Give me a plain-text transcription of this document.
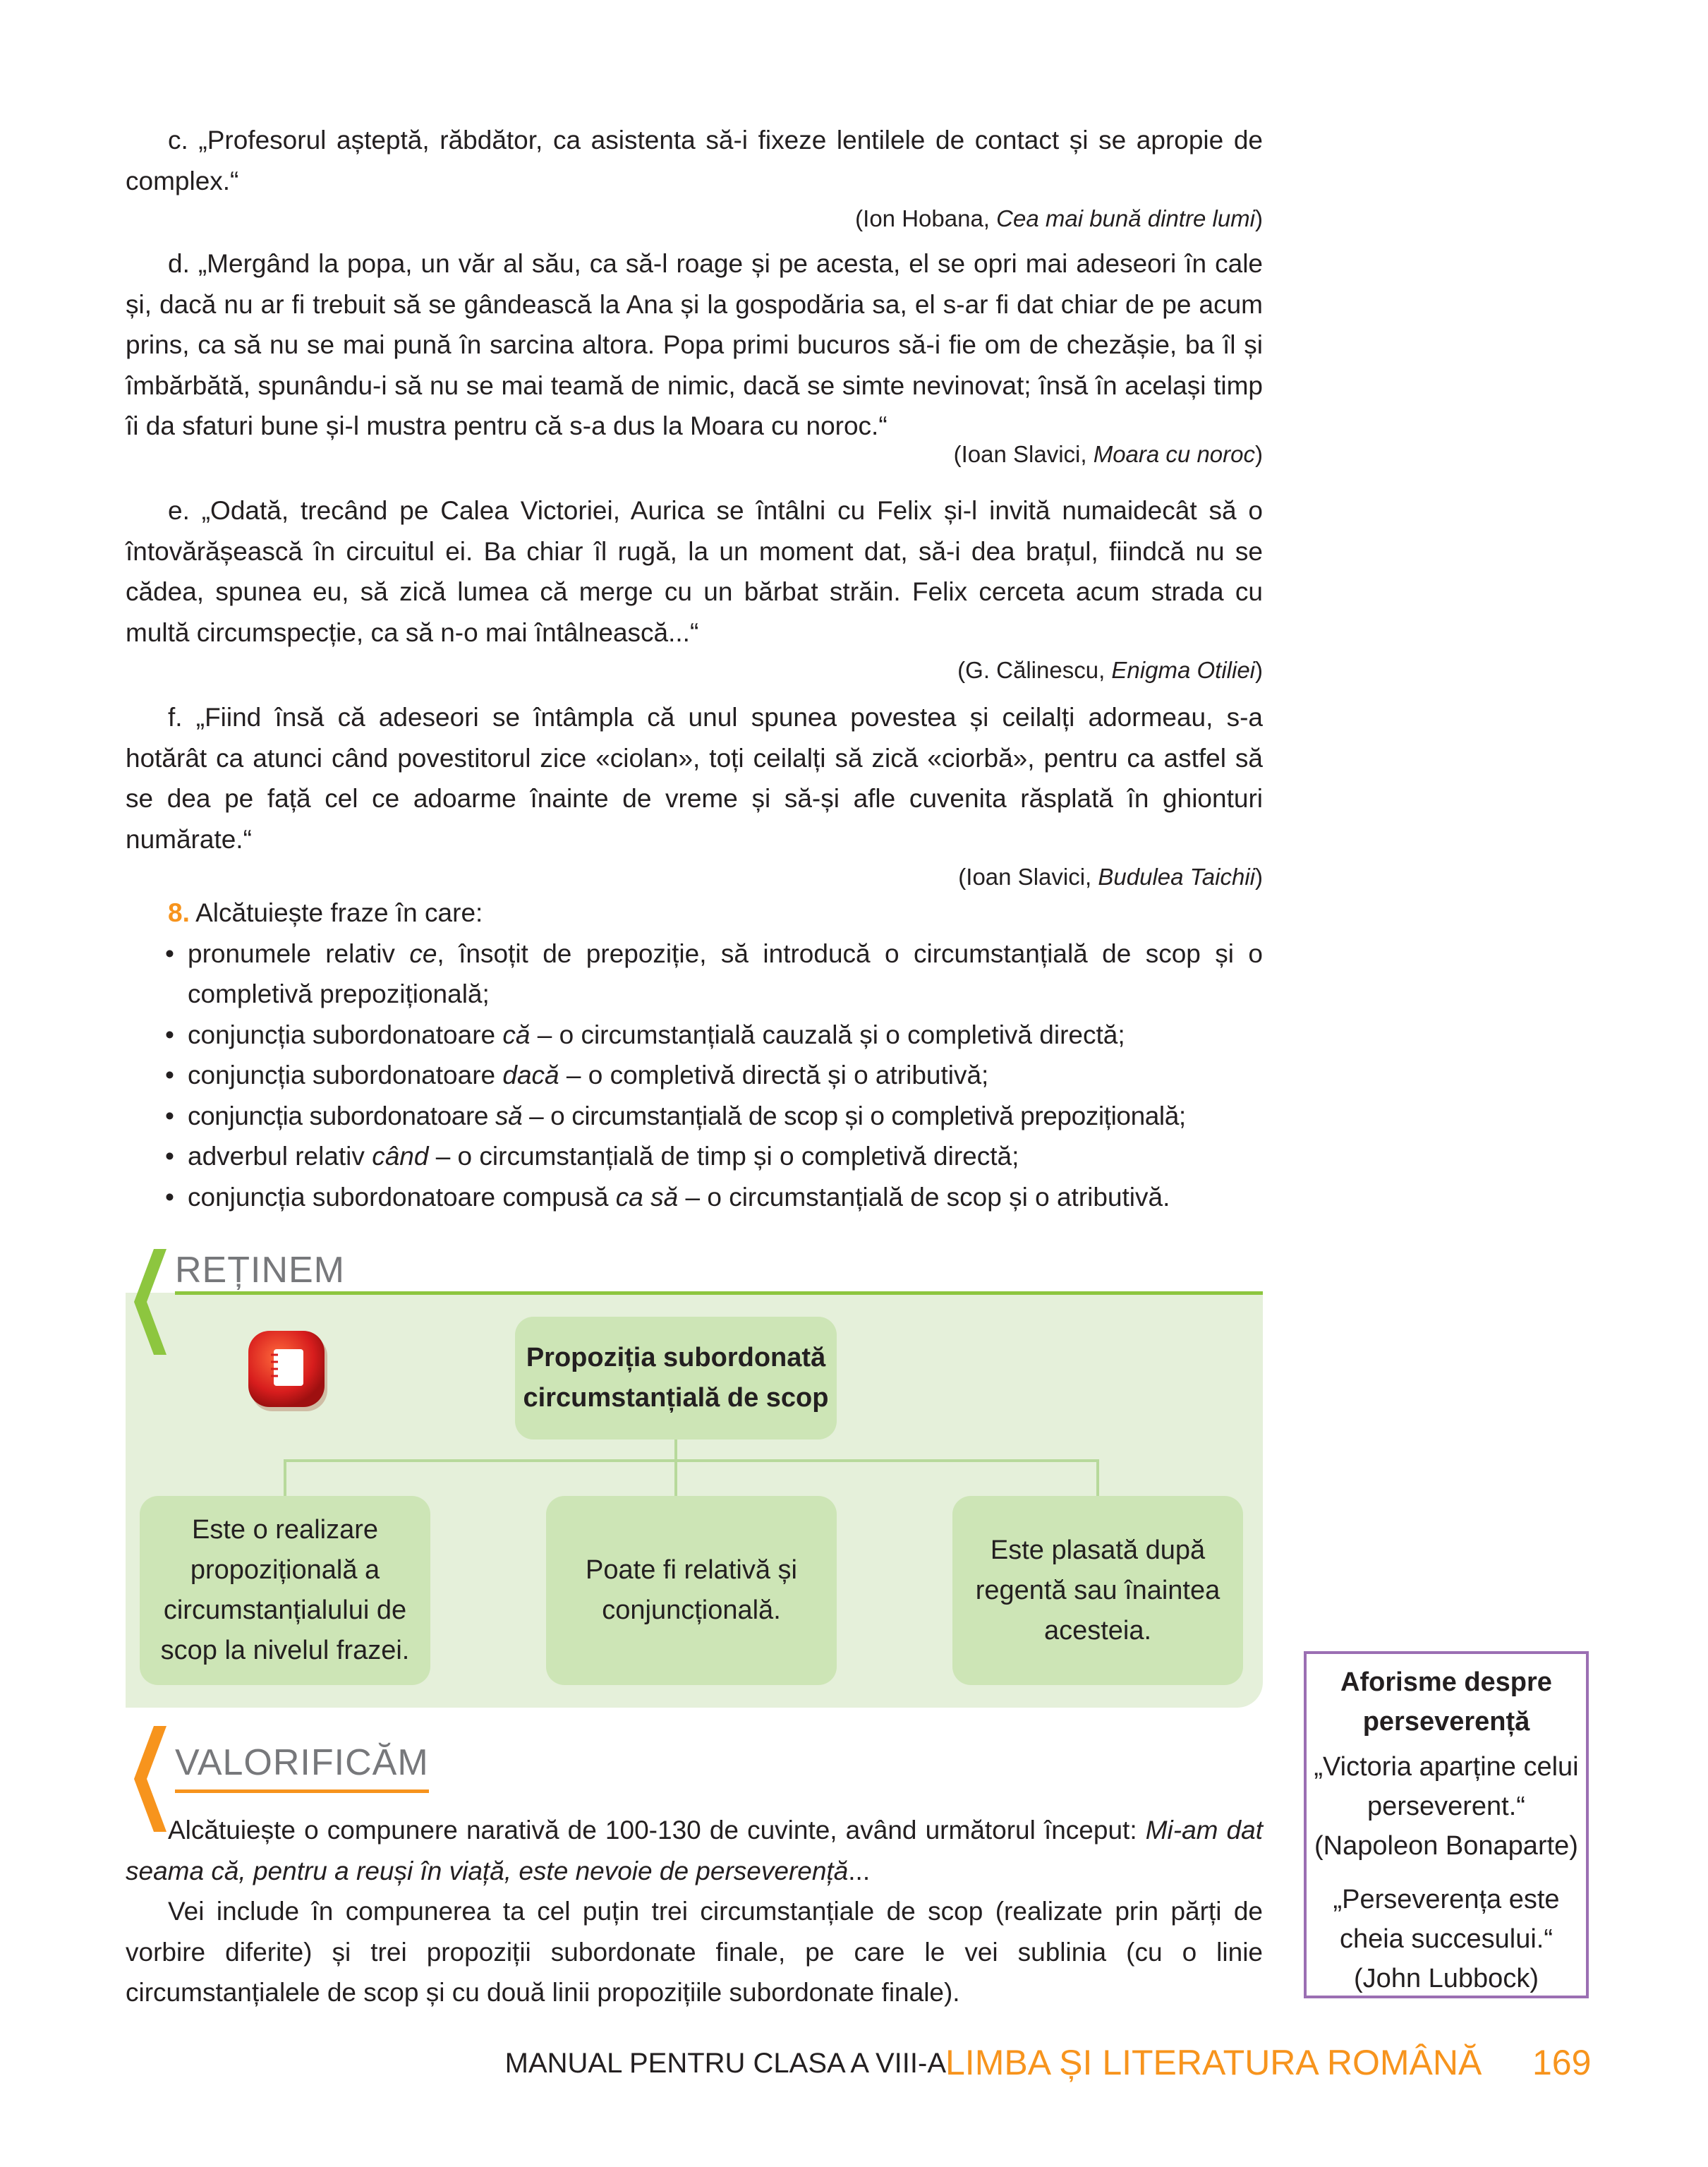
c. „Profesorul așteptă, răbdător, ca asistenta să-i fixeze lentilele de contact și se apropie de complex.“

(Ion Hobana, Cea mai bună dintre lumi)

d. „Mergând la popa, un văr al său, ca să-l roage și pe acesta, el se opri mai adeseori în cale și, dacă nu ar fi trebuit să se gândească la Ana și la gospodăria sa, el s-ar fi dat chiar de pe acum prins, ca să nu se mai pună în sarcina altora. Popa primi bucuros să-i fie om de chezășie, ba îl și îmbărbătă, spunându-i să nu se mai teamă de nimic, dacă se simte nevinovat; însă în același timp îi da sfaturi bune și-l mustra pentru că s-a dus la Moara cu noroc.“

(Ioan Slavici, Moara cu noroc)

e. „Odată, trecând pe Calea Victoriei, Aurica se întâlni cu Felix și-l invită numaidecât să o întovărășească în circuitul ei. Ba chiar îl rugă, la un moment dat, să-i dea brațul, fiindcă nu se cădea, spunea eu, să zică lumea că merge cu un bărbat străin. Felix cerceta acum strada cu multă circumspecție, ca să n-o mai întâlnească...“

(G. Călinescu, Enigma Otiliei)

f. „Fiind însă că adeseori se întâmpla că unul spunea povestea și ceilalți adormeau, s-a hotărât ca atunci când povestitorul zice «ciolan», toți ceilalți să zică «ciorbă», pentru ca astfel să se dea pe față cel ce adoarme înainte de vreme și să-și afle cuvenita răsplată în ghionturi numărate.“

(Ioan Slavici, Budulea Taichii)

8. Alcătuiește fraze în care:

• pronumele relativ ce, însoțit de prepoziție, să introducă o circumstanțială de scop și o completivă prepozițională;
• conjuncția subordonatoare că – o circumstanțială cauzală și o completivă directă;
• conjuncția subordonatoare dacă – o completivă directă și o atributivă;
• conjuncția subordonatoare să – o circumstanțială de scop și o completivă prepozițională;
• adverbul relativ când – o circumstanțială de timp și o completivă directă;
• conjuncția subordonatoare compusă ca să – o circumstanțială de scop și o atributivă.
REȚINEM
Propoziția subordonată circumstanțială de scop
Este o realizare propozițională a circumstanțialului de scop la nivelul frazei.
Poate fi relativă și conjuncțională.
Este plasată după regentă sau înaintea acesteia.
VALORIFICĂM

Alcătuiește o compunere narativă de 100-130 de cuvinte, având următorul început: Mi-am dat seama că, pentru a reuși în viață, este nevoie de perseverență...

Vei include în compunerea ta cel puțin trei circumstanțiale de scop (realizate prin părți de vorbire diferite) și trei propoziții subordonate finale, pe care le vei sublinia (cu o linie circumstanțialele de scop și cu două linii propozițiile subordonate finale).

Aforisme despre perseverență
„Victoria aparține celui perseverent.“
(Napoleon Bonaparte)
„Perseverența este cheia succesului.“
(John Lubbock)
MANUAL PENTRU CLASA A VIII-A LIMBA ȘI LITERATURA ROMÂNĂ 169
